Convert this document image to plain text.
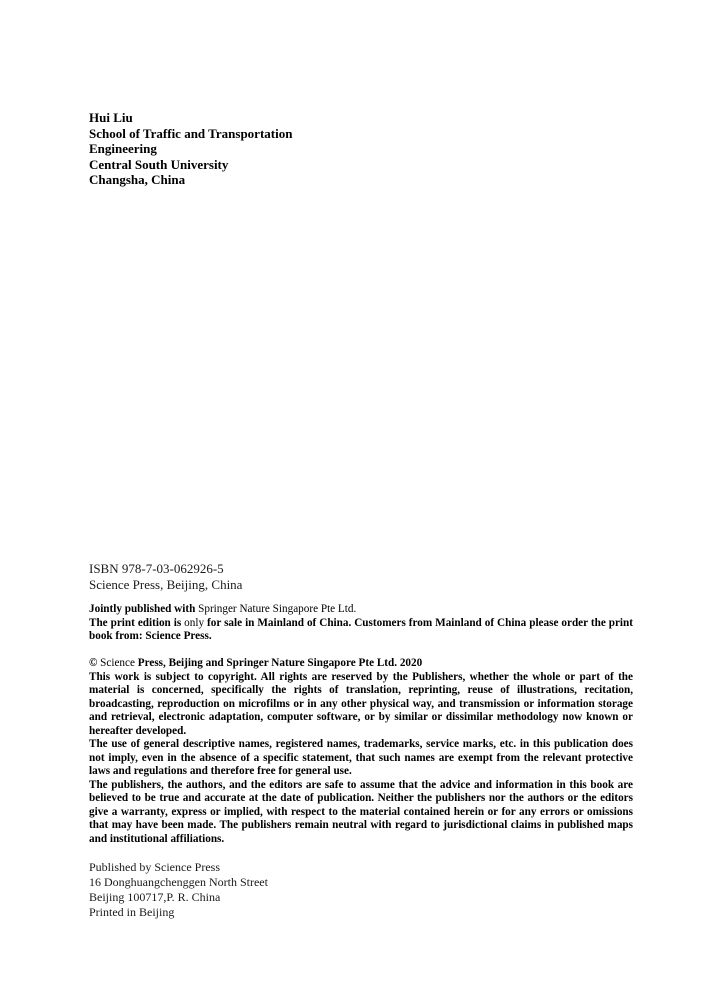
Hui Liu
School of Traffic and Transportation
Engineering
Central South University
Changsha, China
ISBN 978-7-03-062926-5
Science Press, Beijing, China

Jointly published with Springer Nature Singapore Pte Ltd.

The print edition is only for sale in Mainland of China. Customers from Mainland of China please order the print book from: Science Press.

© Science Press, Beijing and Springer Nature Singapore Pte Ltd. 2020

This work is subject to copyright. All rights are reserved by the Publishers, whether the whole or part of the material is concerned, specifically the rights of translation, reprinting, reuse of illustrations, recitation, broadcasting, reproduction on microfilms or in any other physical way, and transmission or information storage and retrieval, electronic adaptation, computer software, or by similar or dissimilar methodology now known or hereafter developed.

The use of general descriptive names, registered names, trademarks, service marks, etc. in this publication does not imply, even in the absence of a specific statement, that such names are exempt from the relevant protective laws and regulations and therefore free for general use.

The publishers, the authors, and the editors are safe to assume that the advice and information in this book are believed to be true and accurate at the date of publication. Neither the publishers nor the authors or the editors give a warranty, express or implied, with respect to the material contained herein or for any errors or omissions that may have been made. The publishers remain neutral with regard to jurisdictional claims in published maps and institutional affiliations.

Published by Science Press
16 Donghuangchenggen North Street
Beijing 100717,P. R. China
Printed in Beijing
